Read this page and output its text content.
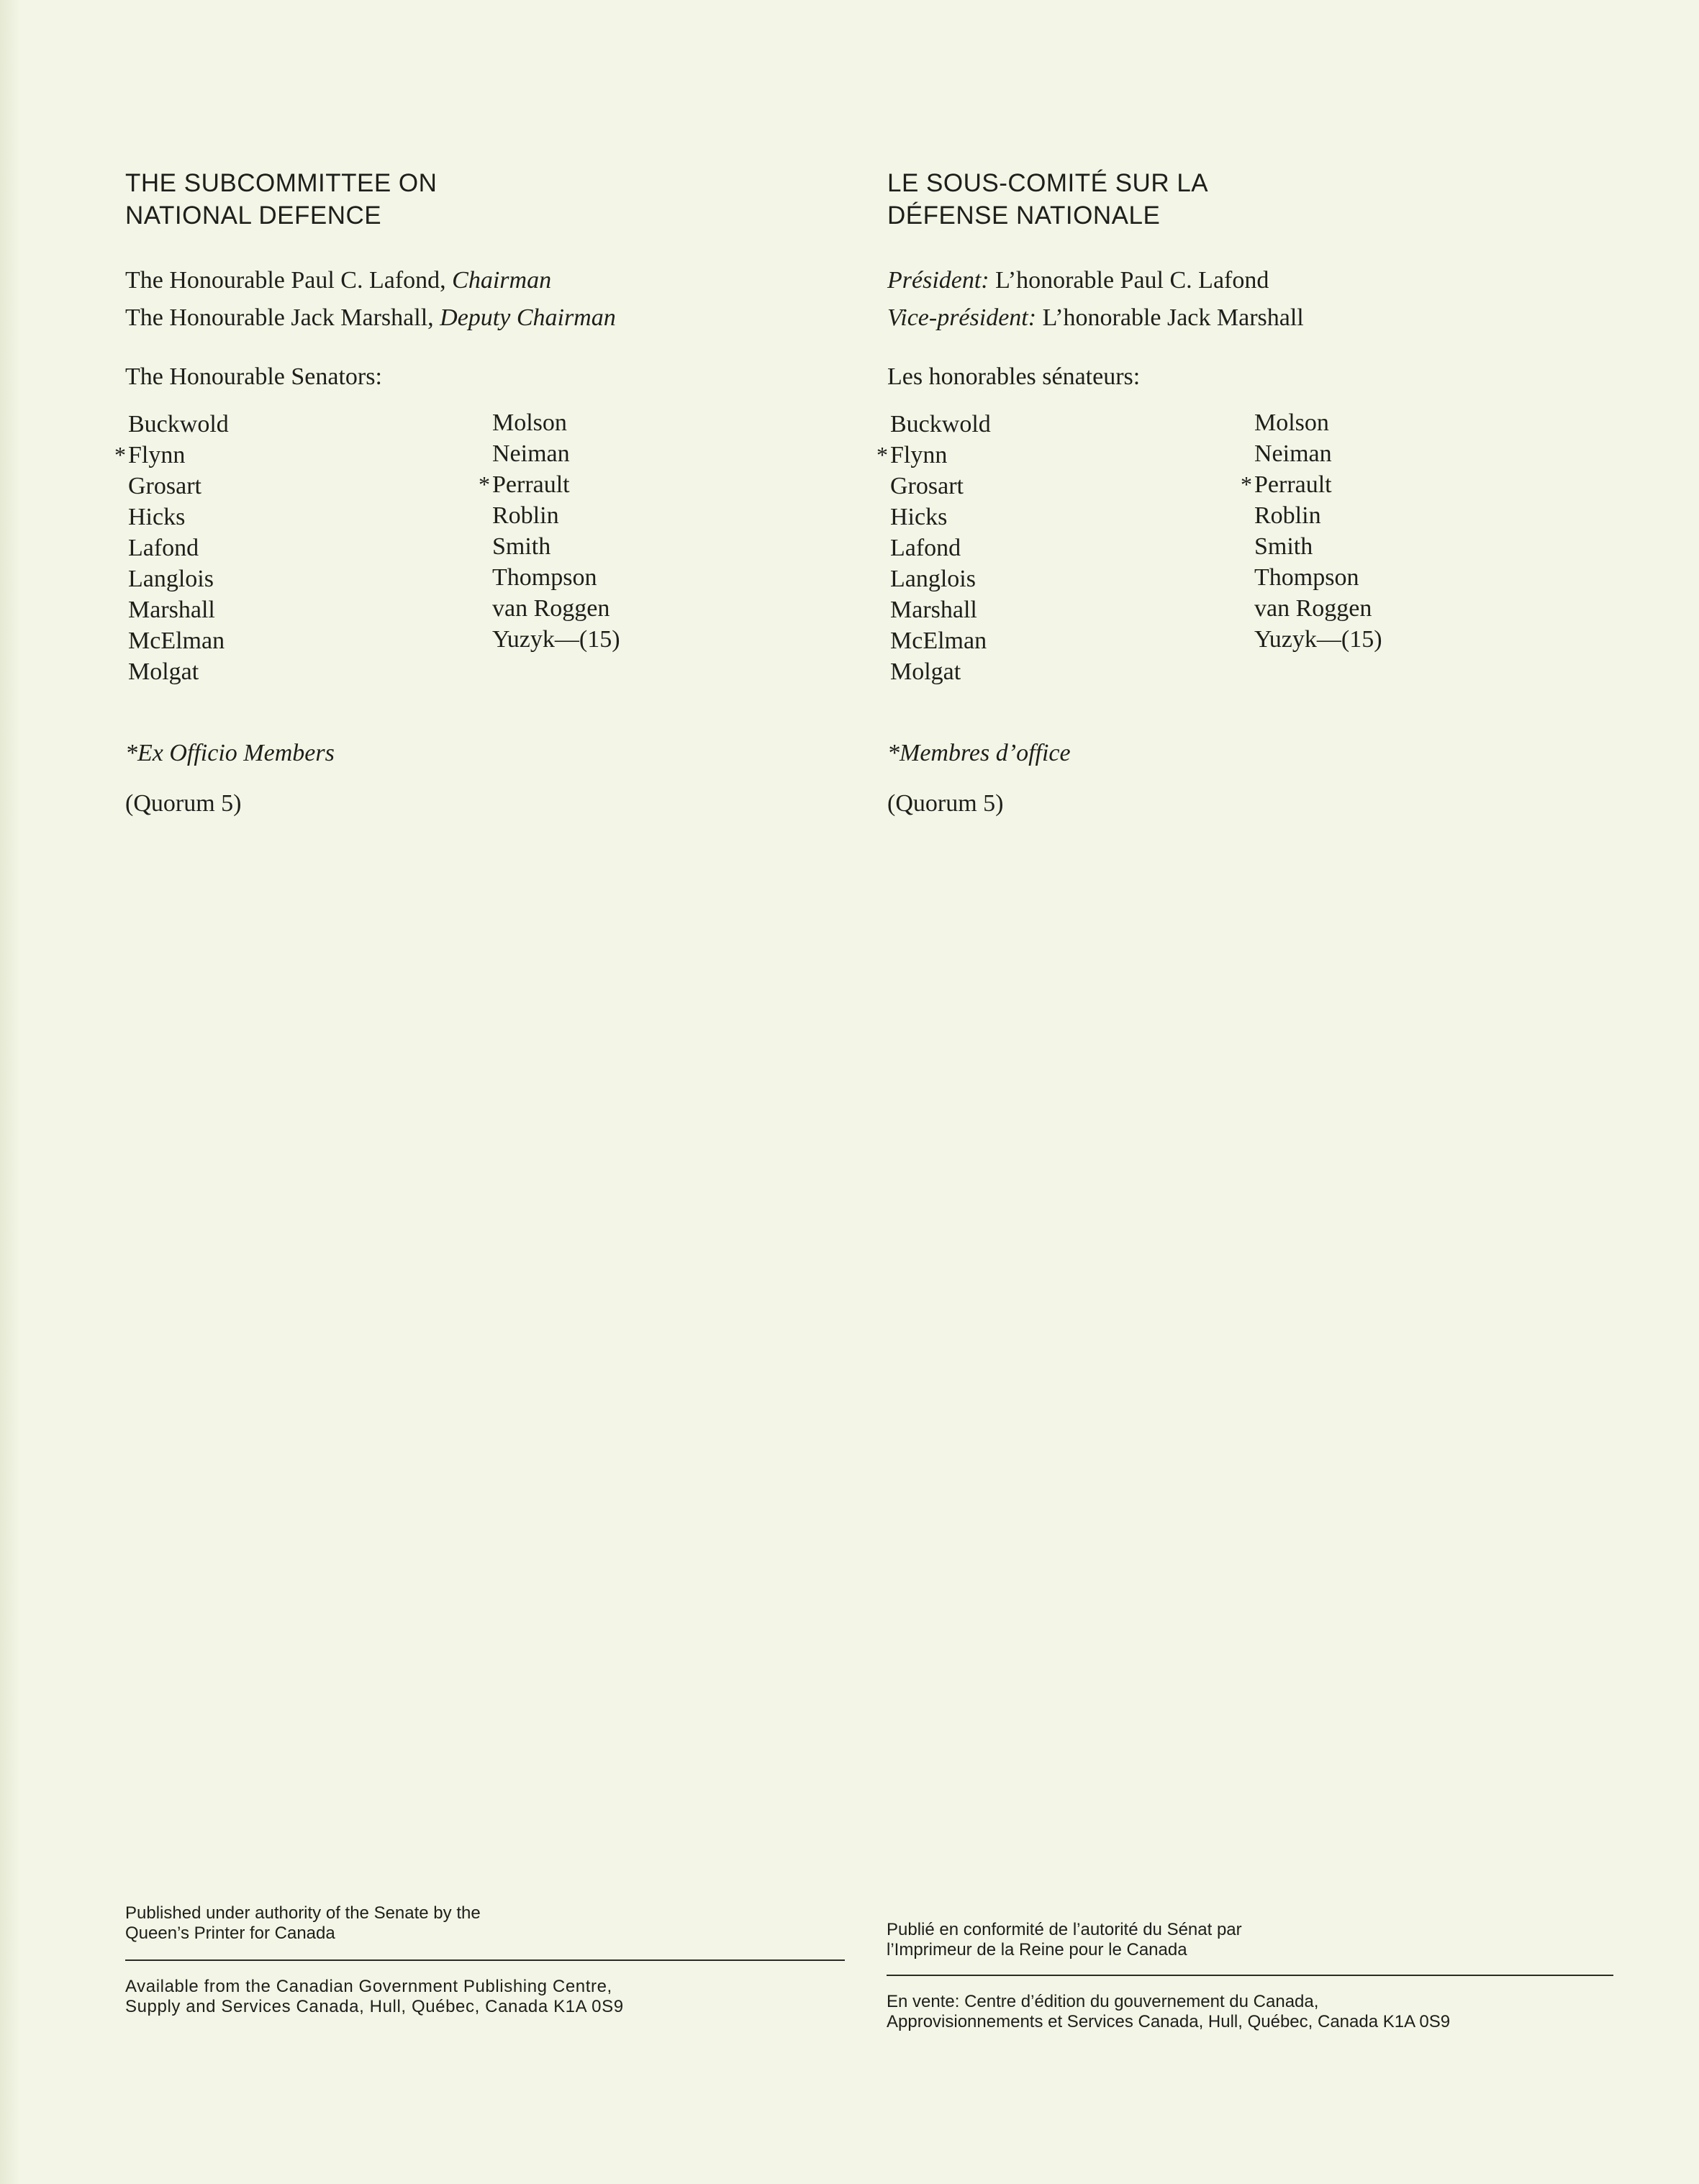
THE SUBCOMMITTEE ON
NATIONAL DEFENCE
The Honourable Paul C. Lafond, Chairman
The Honourable Jack Marshall, Deputy Chairman
The Honourable Senators:
Buckwold
* Flynn
Grosart
Hicks
Lafond
Langlois
Marshall
McElman
Molgat
Molson
Neiman
* Perrault
Roblin
Smith
Thompson
van Roggen
Yuzyk—(15)
*Ex Officio Members
(Quorum 5)
LE SOUS-COMITÉ SUR LA
DÉFENSE NATIONALE
Président: L’honorable Paul C. Lafond
Vice-président: L’honorable Jack Marshall
Les honorables sénateurs:
Buckwold
* Flynn
Grosart
Hicks
Lafond
Langlois
Marshall
McElman
Molgat
Molson
Neiman
* Perrault
Roblin
Smith
Thompson
van Roggen
Yuzyk—(15)
*Membres d’office
(Quorum 5)
Published under authority of the Senate by the
Queen’s Printer for Canada
Available from the Canadian Government Publishing Centre,
Supply and Services Canada, Hull, Québec, Canada K1A 0S9
Publié en conformité de l’autorité du Sénat par
l’Imprimeur de la Reine pour le Canada
En vente: Centre d’édition du gouvernement du Canada,
Approvisionnements et Services Canada, Hull, Québec, Canada K1A 0S9
